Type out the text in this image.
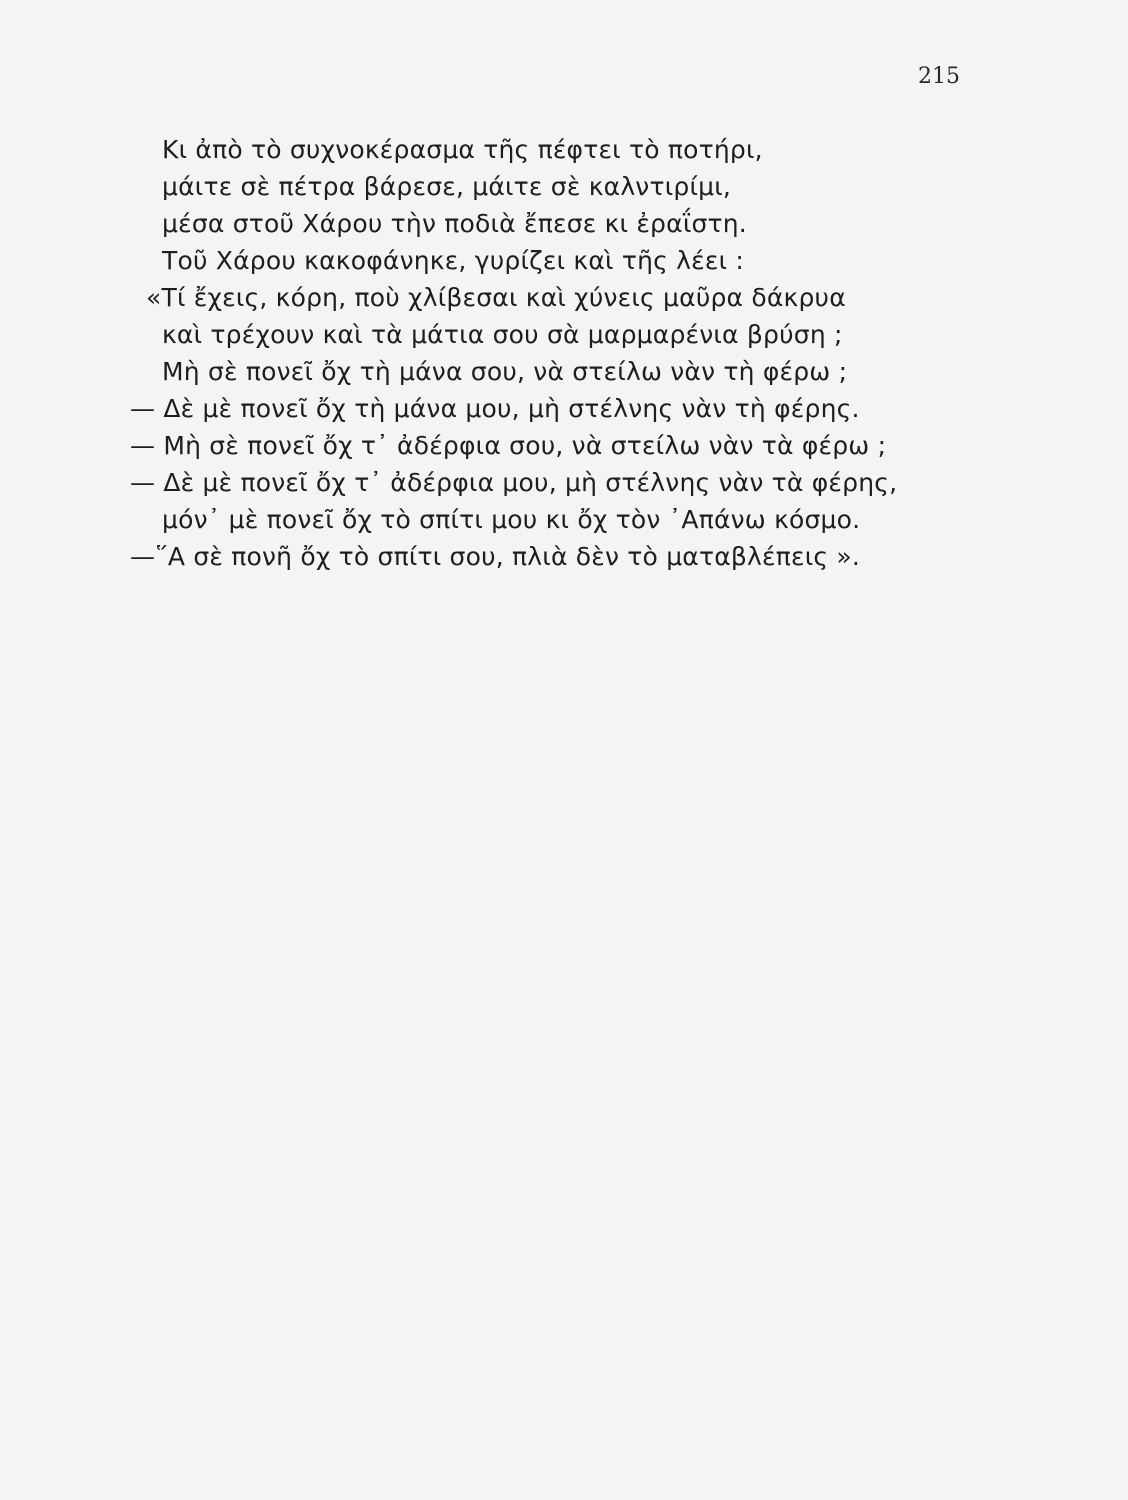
⁠
215
Κι ἀπὸ τὸ συχνοκέρασμα τῆς πέφτει τὸ ποτήρι,
μάιτε σὲ πέτρα βάρεσε, μάιτε σὲ καλντιρίμι,
μέσα στοῦ Χάρου τὴν ποδιὰ ἔπεσε κι ἐραΐστη.
Τοῦ Χάρου κακοφάνηκε, γυρίζει καὶ τῆς λέει :
«Τί ἔχεις, κόρη, ποὺ χλίβεσαι καὶ χύνεις μαῦρα δάκρυα
καὶ τρέχουν καὶ τὰ μάτια σου σὰ μαρμαρένια βρύση ;
Μὴ σὲ πονεῖ ὄχ τὴ μάνα σου, νὰ στείλω νὰν τὴ φέρω ;
— Δὲ μὲ πονεῖ ὄχ τὴ μάνα μου, μὴ στέλνης νὰν τὴ φέρης.
— Μὴ σὲ πονεῖ ὄχ τ᾽ ἀδέρφια σου, νὰ στείλω νὰν τὰ φέρω ;
— Δὲ μὲ πονεῖ ὄχ τ᾽ ἀδέρφια μου, μὴ στέλνης νὰν τὰ φέρης,
μόν᾽ μὲ πονεῖ ὄχ τὸ σπίτι μου κι ὄχ τὸν ᾽Απάνω κόσμο.
—῞Α σὲ πονῆ ὄχ τὸ σπίτι σου, πλιὰ δὲν τὸ ματαβλέπεις ».
